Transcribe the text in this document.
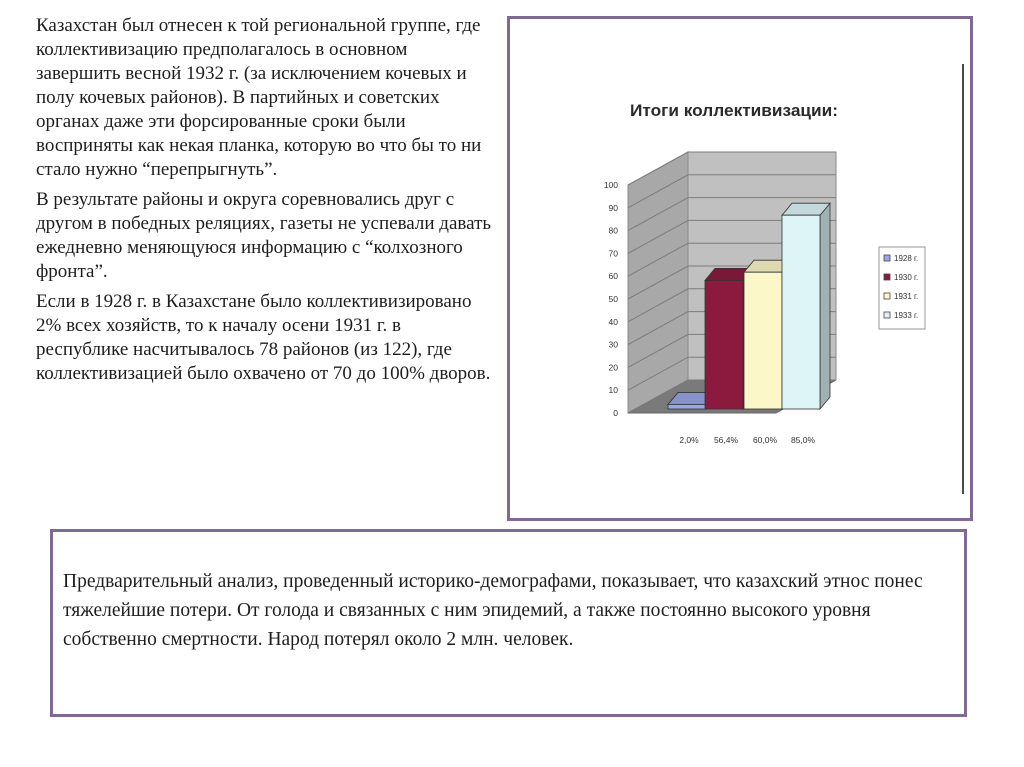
Казахстан был отнесен к той региональной группе, где коллективизацию предполагалось в основном завершить весной 1932 г. (за исключением кочевых и полу кочевых районов). В партийных и советских органах даже эти форсированные сроки были восприняты как некая планка, которую во что бы то ни стало нужно “перепрыгнуть”.

В результате районы и округа соревновались друг с другом в победных реляциях, газеты не успевали давать ежедневно меняющуюся информацию с “колхозного фронта”.

Если в 1928 г. в Казахстане было коллективизировано 2% всех хозяйств, то к началу осени 1931 г. в республике насчитывалось 78 районов (из 122), где коллективизацией было охвачено от 70 до 100% дворов.

Итоги коллективизации:
0
10
20
30
40
50
60
70
80
90
100
2,0% 56,4% 60,0% 85,0%
1928 г.
1930 г.
1931 г.
1933 г.

Предварительный анализ, проведенный историко-демографами, показывает, что казахский этнос понес тяжелейшие потери. От голода и связанных с ним эпидемий, а также постоянно высокого уровня собственно смертности. Народ потерял около 2 млн. человек.
